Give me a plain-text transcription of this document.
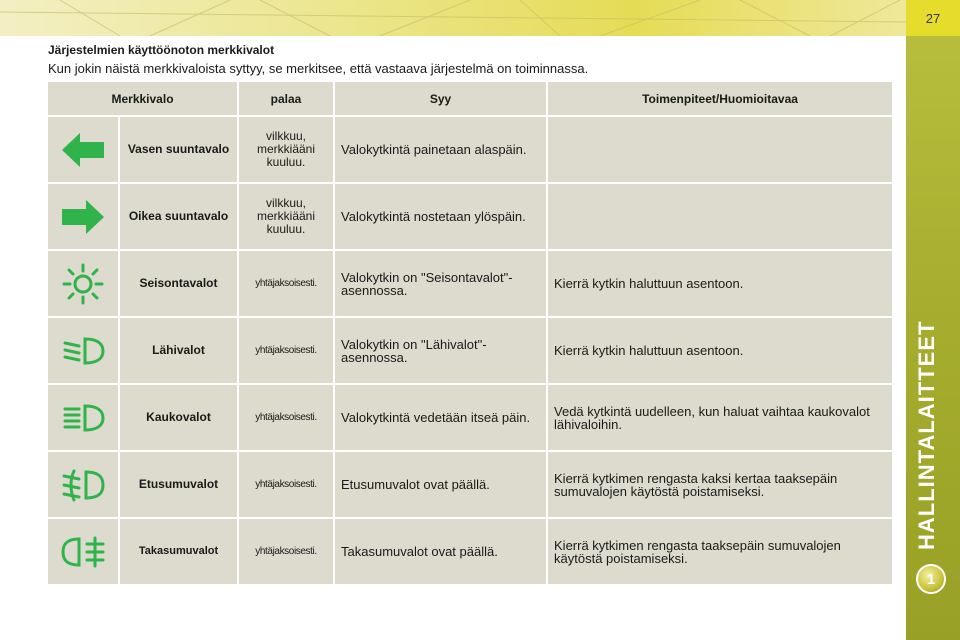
27
HALLINTALAITTEET
1
Järjestelmien käyttöönoton merkkivalot
Kun jokin näistä merkkivaloista syttyy, se merkitsee, että vastaava järjestelmä on toiminnassa.
Merkkivalo		palaa	Syy	Toimenpiteet/Huomioitavaa

	Vasen suuntavalo	vilkkuu, merkkiääni kuuluu.	Valokytkintä painetaan alaspäin.	

	Oikea suuntavalo	vilkkuu, merkkiääni kuuluu.	Valokytkintä nostetaan ylöspäin.	

	Seisontavalot	yhtäjaksoisesti.	Valokytkin on "Seisontavalot"-asennossa.	Kierrä kytkin haluttuun asentoon.

	Lähivalot	yhtäjaksoisesti.	Valokytkin on "Lähivalot"-asennossa.	Kierrä kytkin haluttuun asentoon.

	Kaukovalot	yhtäjaksoisesti.	Valokytkintä vedetään itseä päin.	Vedä kytkintä uudelleen, kun haluat vaihtaa kaukovalot lähivaloihin.

	Etusumuvalot	yhtäjaksoisesti.	Etusumuvalot ovat päällä.	Kierrä kytkimen rengasta kaksi kertaa taaksepäin sumuvalojen käytöstä poistamiseksi.

	Takasumuvalot	yhtäjaksoisesti.	Takasumuvalot ovat päällä.	Kierrä kytkimen rengasta taaksepäin sumuvalojen käytöstä poistamiseksi.
